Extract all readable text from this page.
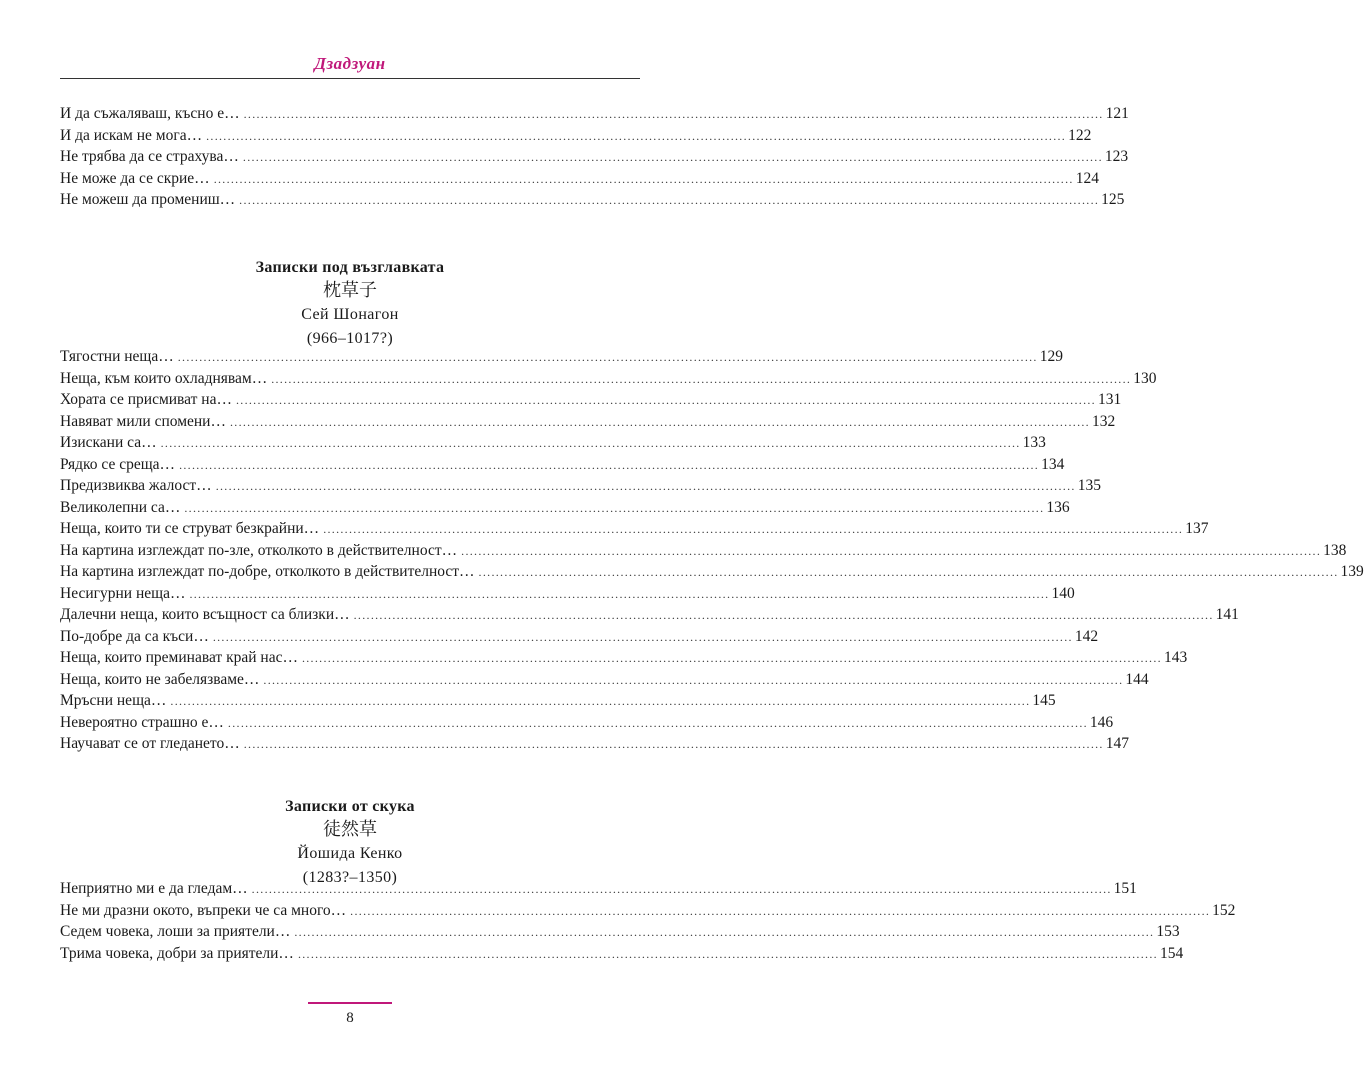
Дзадзуан
И да съжаляваш, късно е… ........................................................................................................................................................................................................ 121
И да искам не мога… ........................................................................................................................................................................................................ 122
Не трябва да се страхува… ........................................................................................................................................................................................................ 123
Не може да се скрие… ........................................................................................................................................................................................................ 124
Не можеш да промениш… ........................................................................................................................................................................................................ 125
Записки под възглавката
枕草子
Сей Шонагон
(966–1017?)
Тягостни неща… ........................................................................................................................................................................................................ 129
Неща, към които охладнявам… ........................................................................................................................................................................................................ 130
Хората се присмиват на… ........................................................................................................................................................................................................ 131
Навяват мили спомени… ........................................................................................................................................................................................................ 132
Изискани са… ........................................................................................................................................................................................................ 133
Рядко се среща… ........................................................................................................................................................................................................ 134
Предизвиква жалост… ........................................................................................................................................................................................................ 135
Великолепни са… ........................................................................................................................................................................................................ 136
Неща, които ти се струват безкрайни… ........................................................................................................................................................................................................ 137
На картина изглеждат по-зле, отколкото в действителност… ........................................................................................................................................................................................................ 138
На картина изглеждат по-добре, отколкото в действителност… ........................................................................................................................................................................................................ 139
Несигурни неща… ........................................................................................................................................................................................................ 140
Далечни неща, които всъщност са близки… ........................................................................................................................................................................................................ 141
По-добре да са къси… ........................................................................................................................................................................................................ 142
Неща, които преминават край нас… ........................................................................................................................................................................................................ 143
Неща, които не забелязваме… ........................................................................................................................................................................................................ 144
Мръсни неща… ........................................................................................................................................................................................................ 145
Невероятно страшно е… ........................................................................................................................................................................................................ 146
Научават се от гледането… ........................................................................................................................................................................................................ 147
Записки от скука
徒然草
Йошида Кенко
(1283?–1350)
Неприятно ми е да гледам… ........................................................................................................................................................................................................ 151
Не ми дразни окото, въпреки че са много… ........................................................................................................................................................................................................ 152
Седем човека, лоши за приятели… ........................................................................................................................................................................................................ 153
Трима човека, добри за приятели… ........................................................................................................................................................................................................ 154
8
